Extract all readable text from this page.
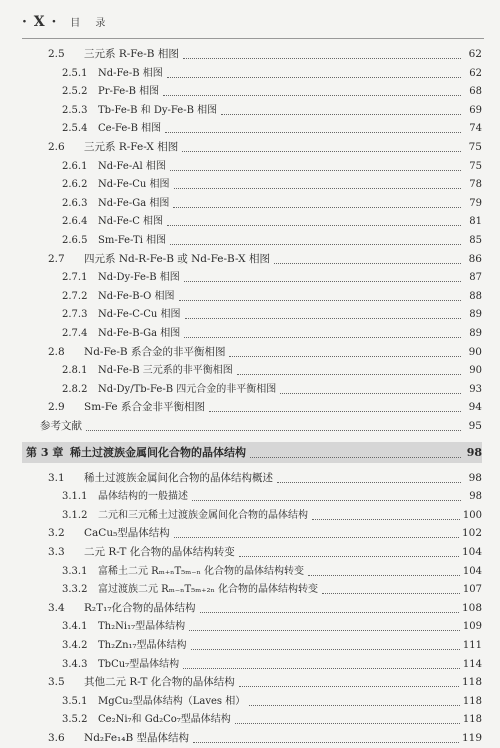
· X · 目 录
2.5	三元系 R-Fe-B 相图	62
2.5.1	Nd-Fe-B 相图	62
2.5.2	Pr-Fe-B 相图	68
2.5.3	Tb-Fe-B 和 Dy-Fe-B 相图	69
2.5.4	Ce-Fe-B 相图	74
2.6	三元系 R-Fe-X 相图	75
2.6.1	Nd-Fe-Al 相图	75
2.6.2	Nd-Fe-Cu 相图	78
2.6.3	Nd-Fe-Ga 相图	79
2.6.4	Nd-Fe-C 相图	81
2.6.5	Sm-Fe-Ti 相图	85
2.7	四元系 Nd-R-Fe-B 或 Nd-Fe-B-X 相图	86
2.7.1	Nd-Dy-Fe-B 相图	87
2.7.2	Nd-Fe-B-O 相图	88
2.7.3	Nd-Fe-C-Cu 相图	89
2.7.4	Nd-Fe-B-Ga 相图	89
2.8	Nd-Fe-B 系合金的非平衡相图	90
2.8.1	Nd-Fe-B 三元系的非平衡相图	90
2.8.2	Nd-Dy/Tb-Fe-B 四元合金的非平衡相图	93
2.9	Sm-Fe 系合金非平衡相图	94
参考文献	95
第 3 章 稀土过渡族金属间化合物的晶体结构	98
3.1	稀土过渡族金属间化合物的晶体结构概述	98
3.1.1	晶体结构的一般描述	98
3.1.2	二元和三元稀土过渡族金属间化合物的晶体结构	100
3.2	CaCu₅型晶体结构	102
3.3	二元 R-T 化合物的晶体结构转变	104
3.3.1	富稀土二元 Rₘ₊ₙT₅ₘ₋ₙ 化合物的晶体结构转变	104
3.3.2	富过渡族二元 Rₘ₋ₙT₅ₘ₊₂ₙ 化合物的晶体结构转变	107
3.4	R₂T₁₇化合物的晶体结构	108
3.4.1	Th₂Ni₁₇型晶体结构	109
3.4.2	Th₂Zn₁₇型晶体结构	111
3.4.3	TbCu₇型晶体结构	114
3.5	其他二元 R-T 化合物的晶体结构	118
3.5.1	MgCu₂型晶体结构（Laves 相）	118
3.5.2	Ce₂Ni₇和 Gd₂Co₇型晶体结构	118
3.6	Nd₂Fe₁₄B 型晶体结构	119
